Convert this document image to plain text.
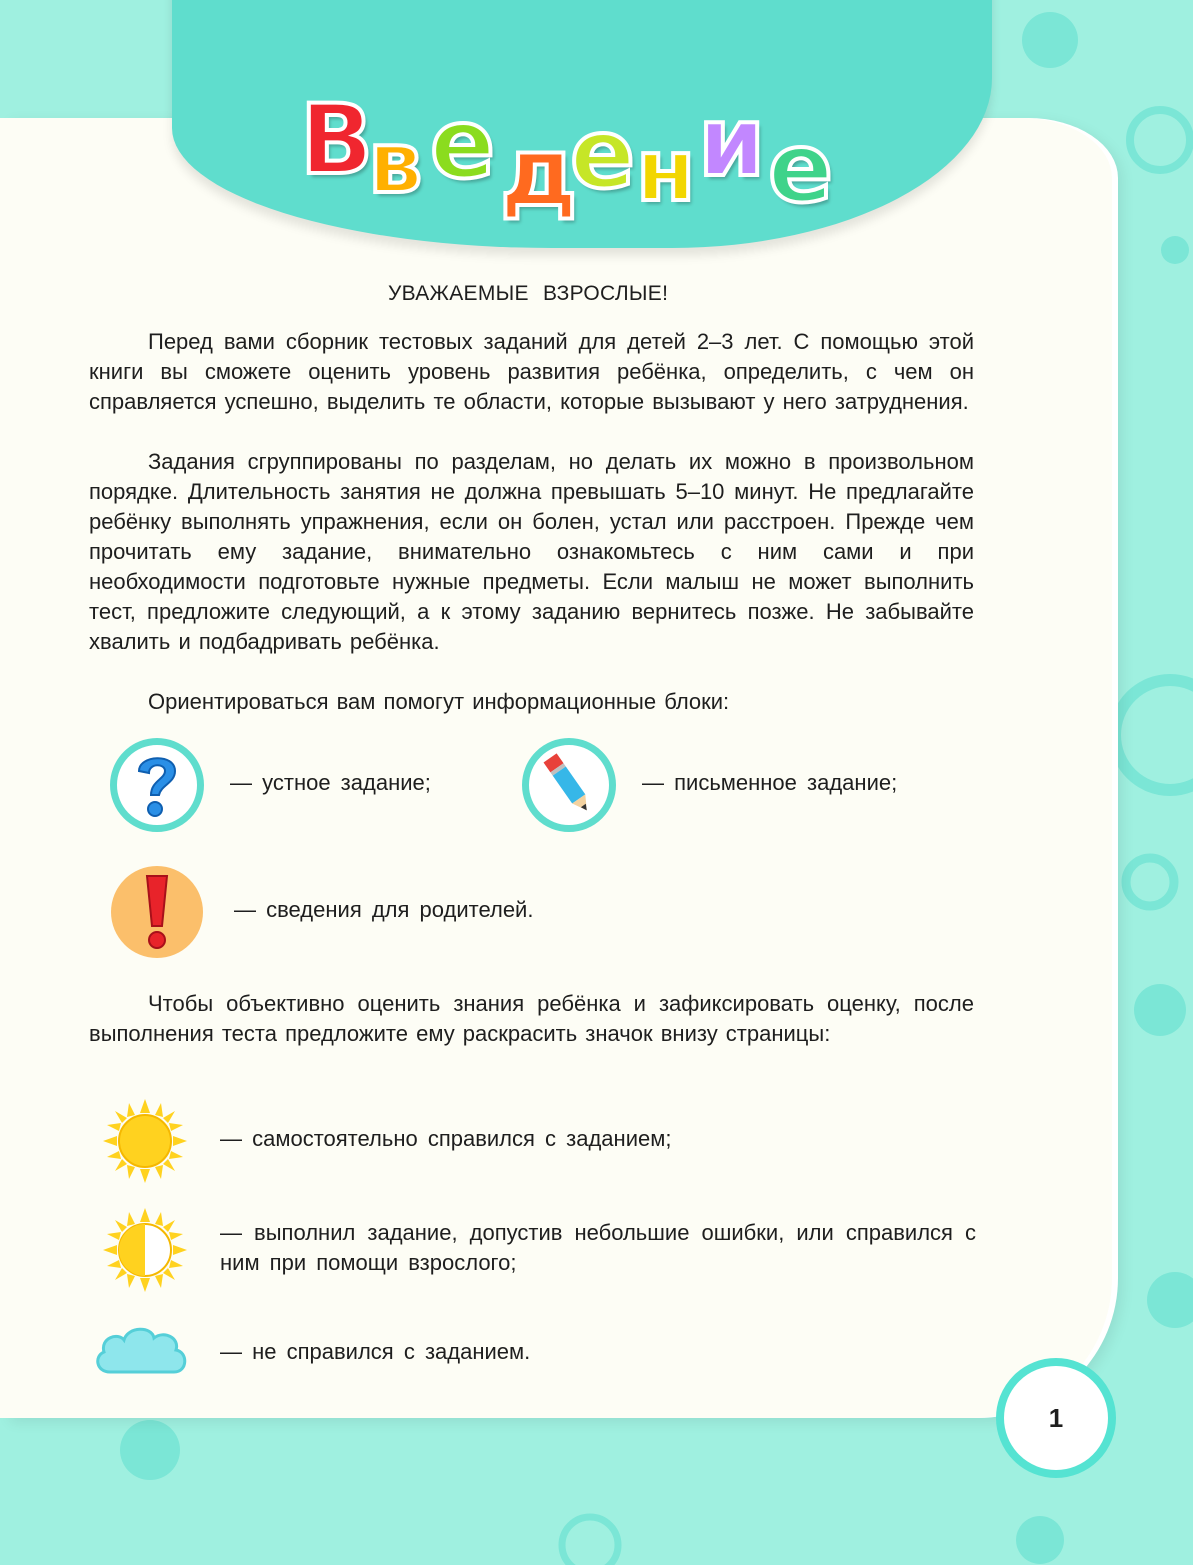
В
в е д
е н и е
УВАЖАЕМЫЕ ВЗРОСЛЫЕ!

Перед вами сборник тестовых заданий для детей 2–3 лет. С помощью этой книги вы сможете оценить уровень развития ребёнка, определить, с чем он справляется успешно, выделить те области, которые вызывают у него затруднения.

Задания сгруппированы по разделам, но делать их можно в произвольном порядке. Длительность занятия не должна превышать 5–10 минут. Не предлагайте ребёнку выполнять упражнения, если он болен, устал или расстроен. Прежде чем прочитать ему задание, внимательно ознакомьтесь с ним сами и при необходимости подготовьте нужные предметы. Если малыш не может выполнить тест, предложите следующий, а к этому заданию вернитесь позже. Не забывайте хвалить и подбадривать ребёнка.

Ориентироваться вам помогут информационные блоки:

— устное задание;	— письменное задание;
— сведения для родителей.

Чтобы объективно оценить знания ребёнка и зафиксировать оценку, после выполнения теста предложите ему раскрасить значок внизу страницы:

— самостоятельно справился с заданием;
— выполнил задание, допустив небольшие ошибки, или справился с ним при помощи взрослого;
— не справился с заданием.
1
